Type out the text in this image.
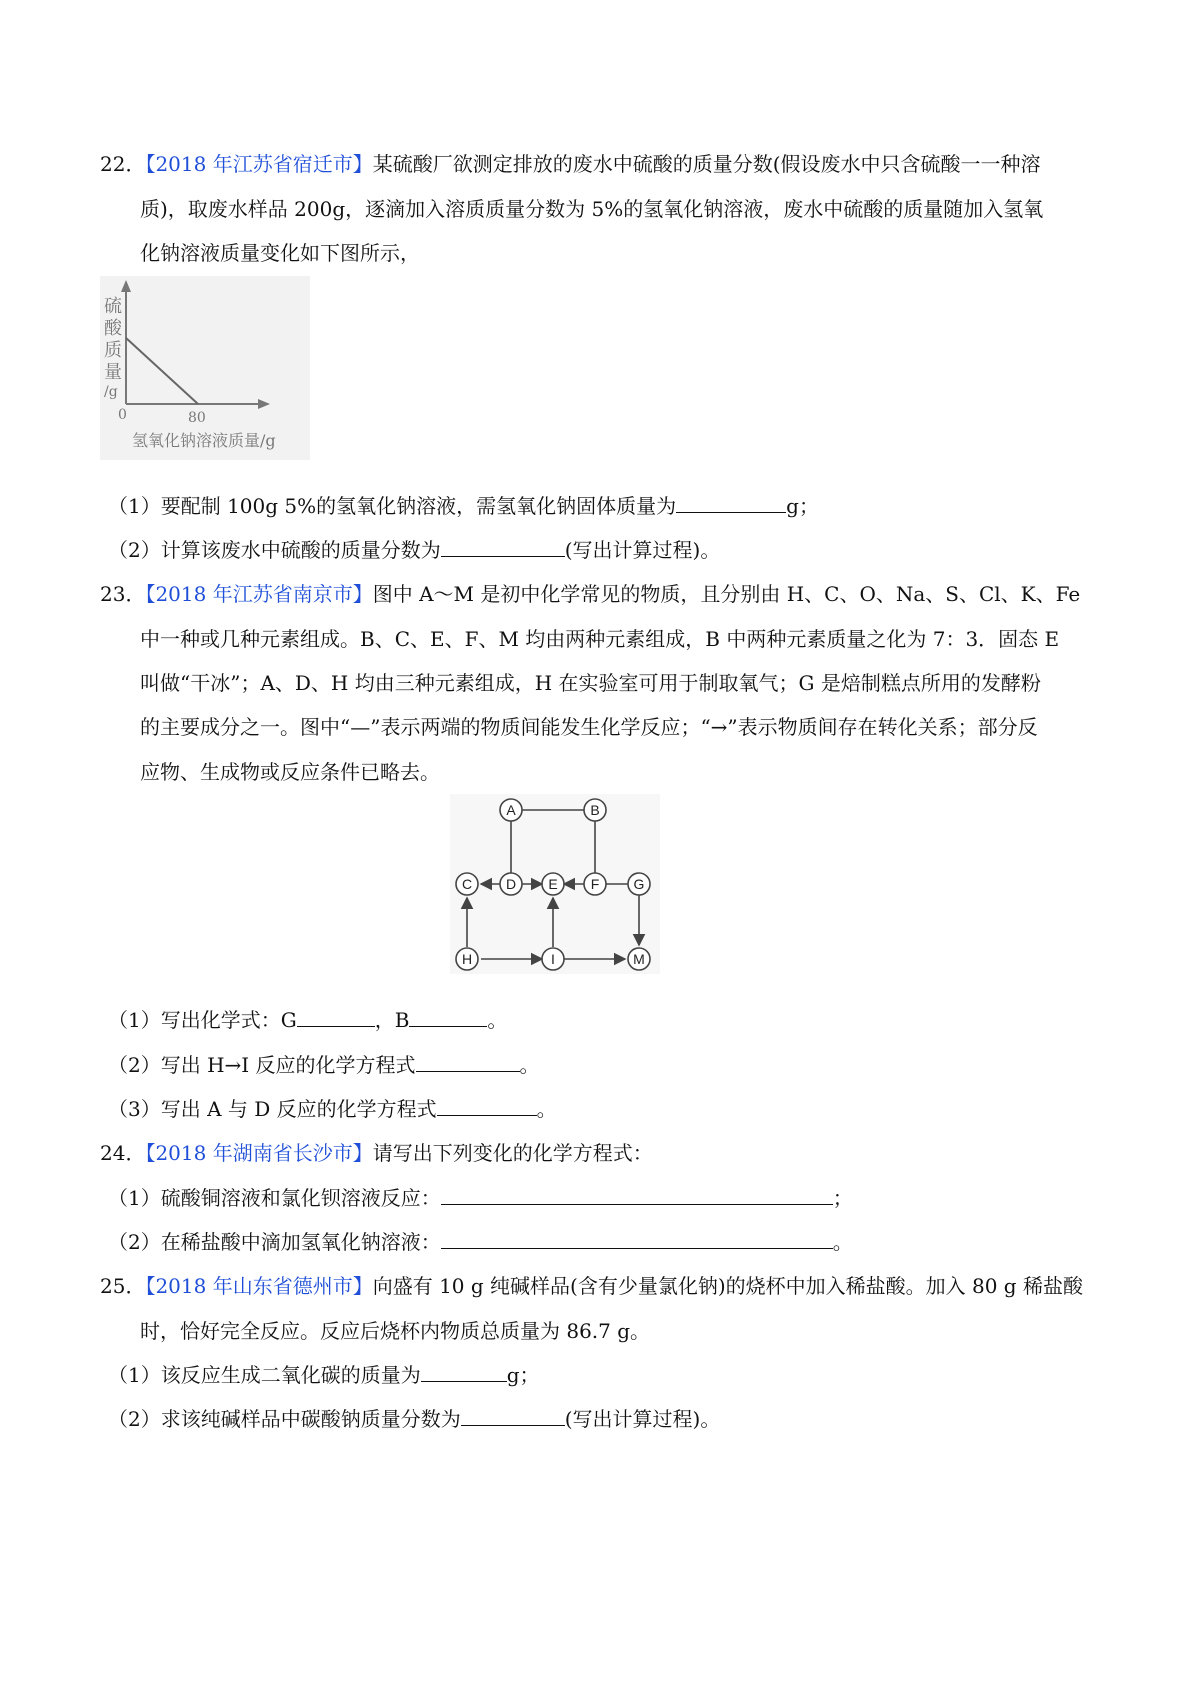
22．【2018 年江苏省宿迁市】某硫酸厂欲测定排放的废水中硫酸的质量分数(假设废水中只含硫酸一一种溶
质)，取废水样品 200g，逐滴加入溶质质量分数为 5%的氢氧化钠溶液，废水中硫酸的质量随加入氢氧
化钠溶液质量变化如下图所示，
硫
酸
质
量
/g
0	80
氢氧化钠溶液质量/g
（1）要配制 100g 5%的氢氧化钠溶液，需氢氧化钠固体质量为	g；
（2）计算该废水中硫酸的质量分数为	(写出计算过程)。
23．【2018 年江苏省南京市】图中 A～M 是初中化学常见的物质，且分别由 H、C、O、Na、S、Cl、K、Fe
中一种或几种元素组成。B、C、E、F、M 均由两种元素组成，B 中两种元素质量之化为 7：3．固态 E
叫做“干冰”；A、D、H 均由三种元素组成，H 在实验室可用于制取氧气；G 是焙制糕点所用的发酵粉
的主要成分之一。图中“—”表示两端的物质间能发生化学反应；“→”表示物质间存在转化关系；部分反
应物、生成物或反应条件已略去。
A	B
C D E F G
H	I	M
（1）写出化学式：G	，B	。
（2）写出 H→I 反应的化学方程式	。
（3）写出 A 与 D 反应的化学方程式	。
24．【2018 年湖南省长沙市】请写出下列变化的化学方程式：
（1）硫酸铜溶液和氯化钡溶液反应：	；
（2）在稀盐酸中滴加氢氧化钠溶液：	。
25．【2018 年山东省德州市】向盛有 10 g 纯碱样品(含有少量氯化钠)的烧杯中加入稀盐酸。加入 80 g 稀盐酸
时，恰好完全反应。反应后烧杯内物质总质量为 86.7 g。
（1）该反应生成二氧化碳的质量为	g；
（2）求该纯碱样品中碳酸钠质量分数为	(写出计算过程)。
